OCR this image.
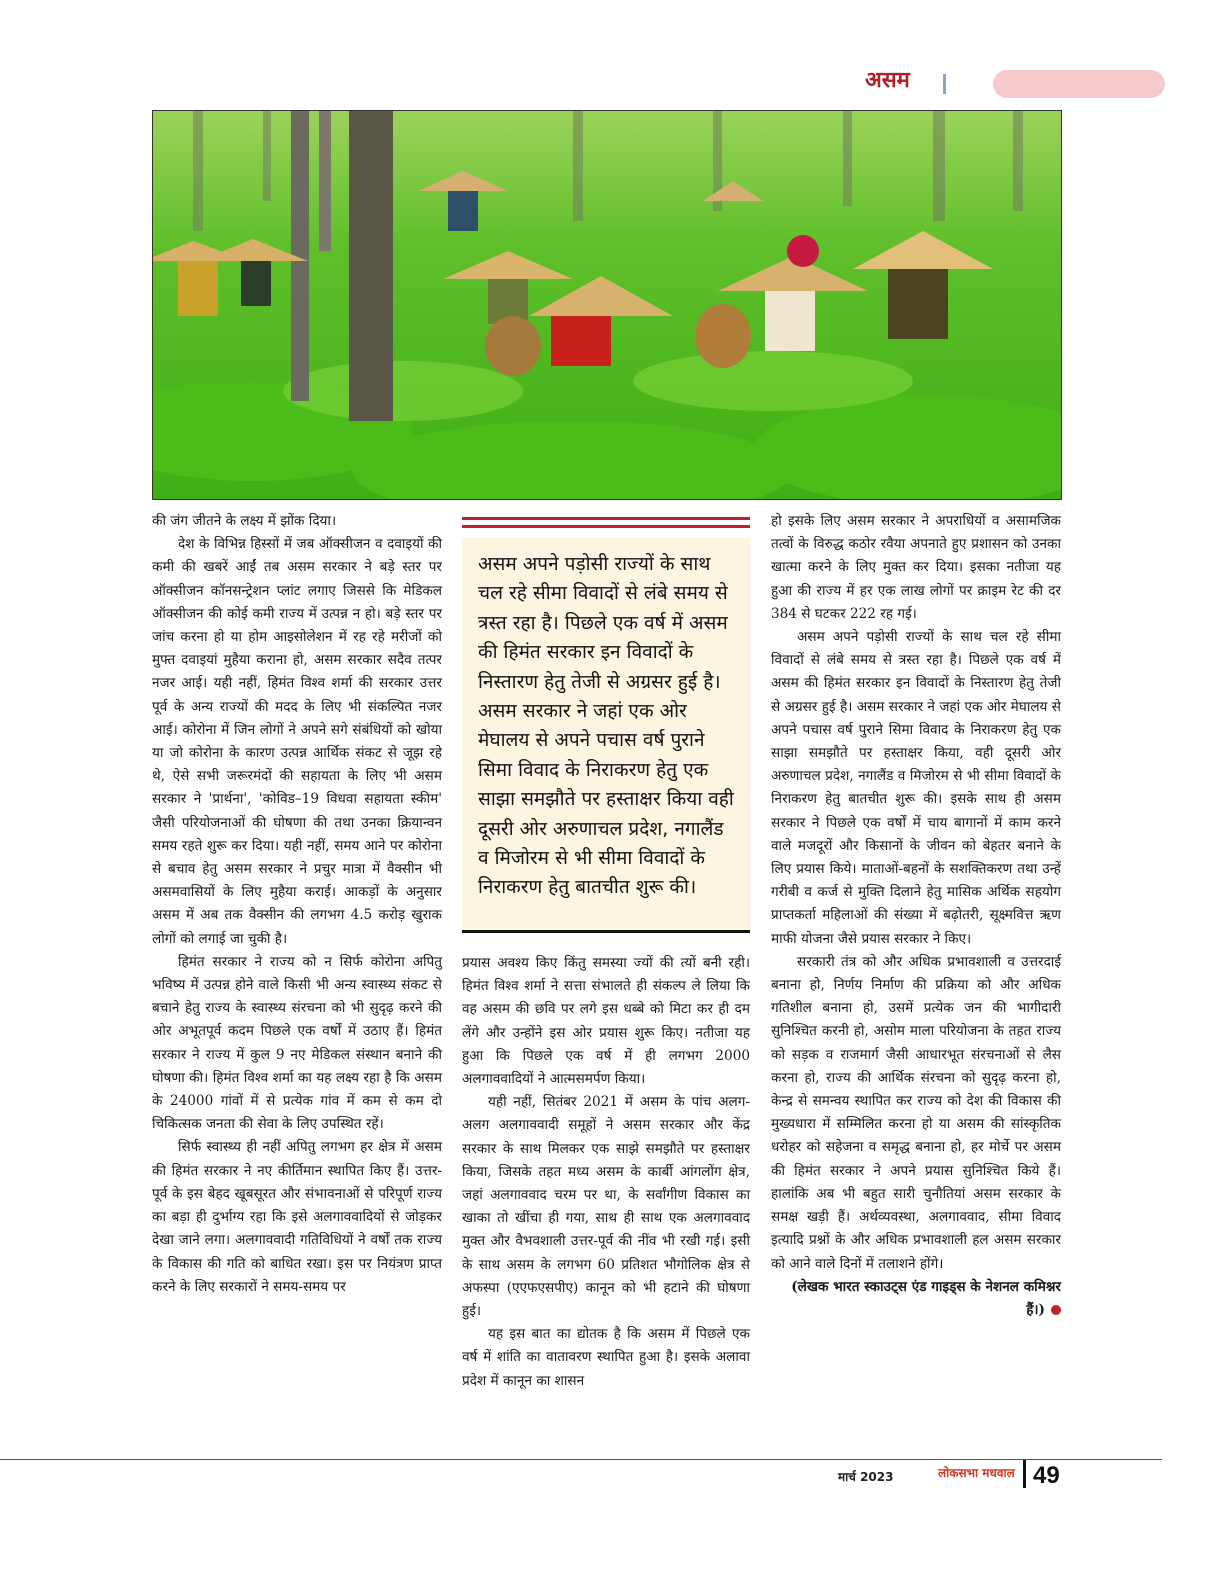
असम

की जंग जीतने के लक्ष्य में झोंक दिया।

देश के विभिन्न हिस्सों में जब ऑक्सीजन व दवाइयों की कमी की खबरें आईं तब असम सरकार ने बड़े स्तर पर ऑक्सीजन कॉनसन्ट्रेशन प्लांट लगाए जिससे कि मेडिकल ऑक्सीजन की कोई कमी राज्य में उत्पन्न न हो। बड़े स्तर पर जांच करना हो या होम आइसोलेशन में रह रहे मरीजों को मुफ्त दवाइयां मुहैया कराना हो, असम सरकार सदैव तत्पर नजर आई। यही नहीं, हिमंत विश्व शर्मा की सरकार उत्तर पूर्व के अन्य राज्यों की मदद के लिए भी संकल्पित नजर आई। कोरोना में जिन लोगों ने अपने सगे संबंधियों को खोया या जो कोरोना के कारण उत्पन्न आर्थिक संकट से जूझ रहे थे, ऐसे सभी जरूरमंदों की सहायता के लिए भी असम सरकार ने 'प्रार्थना', 'कोविड–19 विधवा सहायता स्कीम' जैसी परियोजनाओं की घोषणा की तथा उनका क्रियान्वन समय रहते शुरू कर दिया। यही नहीं, समय आने पर कोरोना से बचाव हेतु असम सरकार ने प्रचुर मात्रा में वैक्सीन भी असमवासियों के लिए मुहैया कराई। आकड़ों के अनुसार असम में अब तक वैक्सीन की लगभग 4.5 करोड़ खुराक लोगों को लगाई जा चुकी है।

हिमंत सरकार ने राज्य को न सिर्फ कोरोना अपितु भविष्य में उत्पन्न होने वाले किसी भी अन्य स्वास्थ्य संकट से बचाने हेतु राज्य के स्वास्थ्य संरचना को भी सुदृढ़ करने की ओर अभूतपूर्व कदम पिछले एक वर्षों में उठाए हैं। हिमंत सरकार ने राज्य में कुल 9 नए मेडिकल संस्थान बनाने की घोषणा की। हिमंत विश्व शर्मा का यह लक्ष्य रहा है कि असम के 24000 गांवों में से प्रत्येक गांव में कम से कम दो चिकित्सक जनता की सेवा के लिए उपस्थित रहें।

सिर्फ स्वास्थ्य ही नहीं अपितु लगभग हर क्षेत्र में असम की हिमंत सरकार ने नए कीर्तिमान स्थापित किए हैं। उत्तर-पूर्व के इस बेहद खूबसूरत और संभावनाओं से परिपूर्ण राज्य का बड़ा ही दुर्भाग्य रहा कि इसे अलगाववादियों से जोड़कर देखा जाने लगा। अलगाववादी गतिविधियों ने वर्षों तक राज्य के विकास की गति को बाधित रखा। इस पर नियंत्रण प्राप्त करने के लिए सरकारों ने समय-समय पर

असम अपने पड़ोसी राज्यों के साथ चल रहे सीमा विवादों से लंबे समय से त्रस्त रहा है। पिछले एक वर्ष में असम की हिमंत सरकार इन विवादों के निस्तारण हेतु तेजी से अग्रसर हुई है। असम सरकार ने जहां एक ओर मेघालय से अपने पचास वर्ष पुराने सिमा विवाद के निराकरण हेतु एक साझा समझौते पर हस्ताक्षर किया वही दूसरी ओर अरुणाचल प्रदेश, नगालैंड व मिजोरम से भी सीमा विवादों के निराकरण हेतु बातचीत शुरू की।

प्रयास अवश्य किए किंतु समस्या ज्यों की त्यों बनी रही। हिमंत विश्व शर्मा ने सत्ता संभालते ही संकल्प ले लिया कि वह असम की छवि पर लगे इस धब्बे को मिटा कर ही दम लेंगे और उन्होंने इस ओर प्रयास शुरू किए। नतीजा यह हुआ कि पिछले एक वर्ष में ही लगभग 2000 अलगाववादियों ने आत्मसमर्पण किया।

यही नहीं, सितंबर 2021 में असम के पांच अलग-अलग अलगाववादी समूहों ने असम सरकार और केंद्र सरकार के साथ मिलकर एक साझे समझौते पर हस्ताक्षर किया, जिसके तहत मध्य असम के कार्बी आंगलोंग क्षेत्र, जहां अलगाववाद चरम पर था, के सर्वांगीण विकास का खाका तो खींचा ही गया, साथ ही साथ एक अलगाववाद मुक्त और वैभवशाली उत्तर-पूर्व की नींव भी रखी गई। इसी के साथ असम के लगभग 60 प्रतिशत भौगोलिक क्षेत्र से अफस्पा (एएफएसपीए) कानून को भी हटाने की घोषणा हुई।

यह इस बात का द्योतक है कि असम में पिछले एक वर्ष में शांति का वातावरण स्थापित हुआ है। इसके अलावा प्रदेश में कानून का शासन

हो इसके लिए असम सरकार ने अपराधियों व असामजिक तत्वों के विरुद्ध कठोर रवैया अपनाते हुए प्रशासन को उनका खात्मा करने के लिए मुक्त कर दिया। इसका नतीजा यह हुआ की राज्य में हर एक लाख लोगों पर क्राइम रेट की दर 384 से घटकर 222 रह गई।

असम अपने पड़ोसी राज्यों के साथ चल रहे सीमा विवादों से लंबे समय से त्रस्त रहा है। पिछले एक वर्ष में असम की हिमंत सरकार इन विवादों के निस्तारण हेतु तेजी से अग्रसर हुई है। असम सरकार ने जहां एक ओर मेघालय से अपने पचास वर्ष पुराने सिमा विवाद के निराकरण हेतु एक साझा समझौते पर हस्ताक्षर किया, वही दूसरी ओर अरुणाचल प्रदेश, नगालैंड व मिजोरम से भी सीमा विवादों के निराकरण हेतु बातचीत शुरू की। इसके साथ ही असम सरकार ने पिछले एक वर्षों में चाय बागानों में काम करने वाले मजदूरों और किसानों के जीवन को बेहतर बनाने के लिए प्रयास किये। माताओं-बहनों के सशक्तिकरण तथा उन्हें गरीबी व कर्ज से मुक्ति दिलाने हेतु मासिक अर्थिक सहयोग प्राप्तकर्ता महिलाओं की संख्या में बढ़ोतरी, सूक्ष्मवित्त ऋण माफी योजना जैसे प्रयास सरकार ने किए।

सरकारी तंत्र को और अधिक प्रभावशाली व उत्तरदाई बनाना हो, निर्णय निर्माण की प्रक्रिया को और अधिक गतिशील बनाना हो, उसमें प्रत्येक जन की भागीदारी सुनिश्चित करनी हो, असोम माला परियोजना के तहत राज्य को सड़क व राजमार्ग जैसी आधारभूत संरचनाओं से लैस करना हो, राज्य की आर्थिक संरचना को सुदृढ़ करना हो, केन्द्र से समन्वय स्थापित कर राज्य को देश की विकास की मुख्यधारा में सम्मिलित करना हो या असम की सांस्कृतिक धरोहर को सहेजना व समृद्ध बनाना हो, हर मोर्चे पर असम की हिमंत सरकार ने अपने प्रयास सुनिश्चित किये हैं। हालांकि अब भी बहुत सारी चुनौतियां असम सरकार के समक्ष खड़ी हैं। अर्थव्यवस्था, अलगाववाद, सीमा विवाद इत्यादि प्रश्नों के और अधिक प्रभावशाली हल असम सरकार को आने वाले दिनों में तलाशने होंगे।

(लेखक भारत स्काउट्स एंड गाइड्स के नेशनल कमिश्नर हैं।)

मार्च 2023	लोकसभा मधवाल 49
